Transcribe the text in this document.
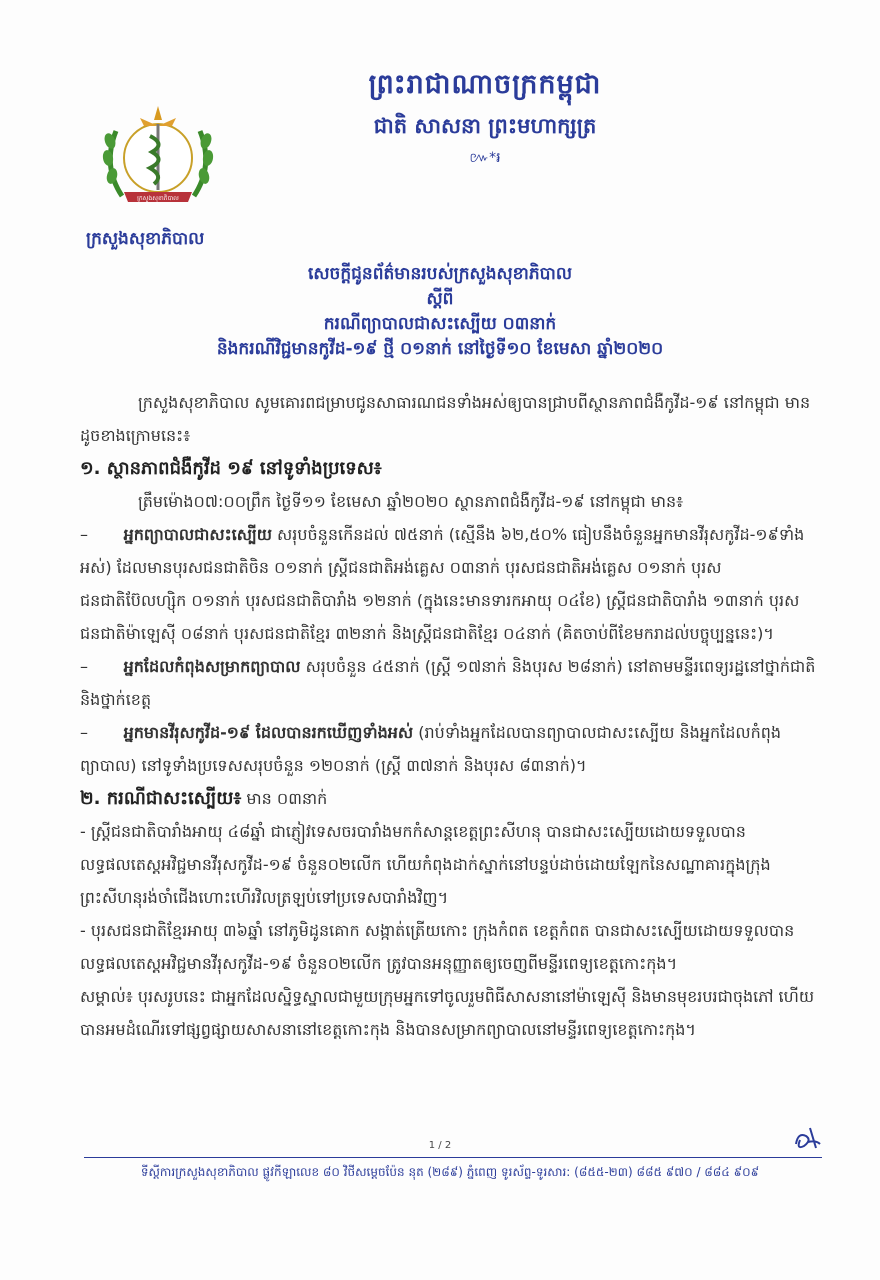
ព្រះរាជាណាចក្រកម្ពុជា
ជាតិ សាសនា ព្រះមហាក្សត្រ
៚*៛
ក្រសួងសុខាភិបាល
ក្រសួងសុខាភិបាល
សេចក្តីជូនព័ត៌មានរបស់ក្រសួងសុខាភិបាល
ស្តីពី
ករណីព្យាបាលជាសះស្បើយ ០៣នាក់
និងករណីវិជ្ជមានកូវីដ-១៩ ថ្មី ០១នាក់ នៅថ្ងៃទី១០ ខែមេសា ឆ្នាំ២០២០

ក្រសួងសុខាភិបាល សូមគោរពជម្រាបជូនសាធារណជនទាំងអស់ឲ្យបានជ្រាបពីស្ថានភាពជំងឺកូវីដ-១៩ នៅកម្ពុជា មានដូចខាងក្រោមនេះ៖

១. ស្ថានភាពជំងឺកូវីដ ១៩ នៅទូទាំងប្រទេស៖

ត្រឹមម៉ោង០៧:០០ព្រឹក ថ្ងៃទី១១ ខែមេសា ឆ្នាំ២០២០ ស្ថានភាពជំងឺកូវីដ-១៩ នៅកម្ពុជា មាន៖

– អ្នកព្យាបាលជាសះស្បើយ សរុបចំនួនកើនដល់ ៧៥នាក់ (ស្មើនឹង ៦២,៥០% ធៀបនឹងចំនួនអ្នកមានវីរុសកូវីដ-១៩ទាំងអស់) ដែលមានបុរសជនជាតិចិន ០១នាក់ ស្ត្រីជនជាតិអង់គ្លេស ០៣នាក់ បុរសជនជាតិអង់គ្លេស ០១នាក់ បុរសជនជាតិប៊ែលហ្ស៊ិក ០១នាក់ បុរសជនជាតិបារាំង ១២នាក់ (ក្នុងនេះមានទារកអាយុ ០៤ខែ) ស្ត្រីជនជាតិបារាំង ១៣នាក់ បុរសជនជាតិម៉ាឡេស៊ី ០៨នាក់ បុរសជនជាតិខ្មែរ ៣២នាក់ និងស្ត្រីជនជាតិខ្មែរ ០៤នាក់ (គិតចាប់ពីខែមករាដល់បច្ចុប្បន្ននេះ)។

– អ្នកដែលកំពុងសម្រាកព្យាបាល សរុបចំនួន ៤៥នាក់ (ស្ត្រី ១៧នាក់ និងបុរស ២៨នាក់) នៅតាមមន្ទីរពេទ្យរដ្ឋនៅថ្នាក់ជាតិ និងថ្នាក់ខេត្ត

– អ្នកមានវីរុសកូវីដ-១៩ ដែលបានរកឃើញទាំងអស់ (រាប់ទាំងអ្នកដែលបានព្យាបាលជាសះស្បើយ និងអ្នកដែលកំពុងព្យាបាល) នៅទូទាំងប្រទេសសរុបចំនួន ១២០នាក់ (ស្ត្រី ៣៧នាក់ និងបុរស ៨៣នាក់)។

២. ករណីជាសះស្បើយ៖ មាន ០៣នាក់

- ស្ត្រីជនជាតិបារាំងអាយុ ៤៨ឆ្នាំ ជាភ្ញៀវទេសចរបារាំងមកកំសាន្តខេត្តព្រះសីហនុ បានជាសះស្បើយដោយទទួលបានលទ្ធផលតេស្តអវិជ្ជមានវីរុសកូវីដ-១៩ ចំនួន០២លើក ហើយកំពុងដាក់ស្នាក់នៅបន្ទប់ដាច់ដោយឡែកនៃសណ្ឋាគារក្នុងក្រុងព្រះសីហនុរង់ចាំជើងហោះហើរវិលត្រឡប់ទៅប្រទេសបារាំងវិញ។

- បុរសជនជាតិខ្មែរអាយុ ៣៦ឆ្នាំ នៅភូមិដូនគោក សង្កាត់ត្រើយកោះ ក្រុងកំពត ខេត្តកំពត បានជាសះស្បើយដោយទទួលបានលទ្ធផលតេស្តអវិជ្ជមានវីរុសកូវីដ-១៩ ចំនួន០២លើក ត្រូវបានអនុញ្ញាតឲ្យចេញពីមន្ទីរពេទ្យខេត្តកោះកុង។

សម្គាល់៖ បុរសរូបនេះ ជាអ្នកដែលស្និទ្ធស្នាលជាមួយក្រុមអ្នកទៅចូលរួមពិធីសាសនានៅម៉ាឡេស៊ី និងមានមុខរបរជាចុងភៅ ហើយបានអមដំណើរទៅផ្សព្វផ្សាយសាសនានៅខេត្តកោះកុង និងបានសម្រាកព្យាបាលនៅមន្ទីរពេទ្យខេត្តកោះកុង។

1 / 2
ទីស្តីការក្រសួងសុខាភិបាល ផ្លូវកីឡាលេខ ៨០ វិថីសម្តេចប៉ែន នុត (២៨៩) ភ្នំពេញ ទូរស័ព្ទ-ទូរសារ: (៨៥៥-២៣) ៨៨៥ ៩៧០ / ៨៨៤ ៩០៩
